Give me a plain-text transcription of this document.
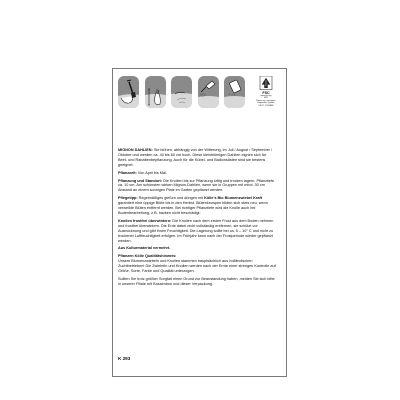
FSC
www.fsc.org
MIX
Papier aus verantwor-
tungsvollen Quellen
FSC® C120868

MIGNON DAHLIEN: Sie blühen, abhängig von der Witterung, im Juli / August / September / Oktober und werden ca. 40 bis 60 cm hoch. Diese kleinblümigen Dahlien eignen sich für Beet- und Rabattenbepflanzung. Auch für die Kübel- und Balkonkästen sind sie bestens geeignet.

Pflanzzeit: Von April bis Mai.

Pflanzung und Standort: Die Knollen bis zur Pflanzung luftig und trocken lagern. Pflanztiefe ca. 10 cm. Am schönsten wirken Mignon-Dahlien, wenn sie in Gruppen mit mind. 30 cm Abstand an einem sonnigen Platz im Garten gepflanzt werden.

Pflegetipp: Regelmäßiges gießen und düngen mit Kölle’s Bio Blumenzwiebel Kraft garantiert eine üppige Blüte bis in den Herbst. Blütenknospen bilden sich stets neu, wenn verwelkte Blüten entfernt werden. Bei richtiger Pflanztiefe wird die Knolle auch bei Bodenbearbeitung, z.B. hacken nicht beschädigt.

Knollen frostfrei überwintern: Die Knollen nach dem ersten Frost aus dem Boden nehmen und frostfrei überwintern. Die Erde dabei nicht vollständig entfernen, sie schützt vor Austrocknung und gibt ihnen Feuchtigkeit. Die Lagerung sollte bei ca. 5 – 10° C und nicht zu trockener Luftfeuchtigkeit erfolgen. Im Frühjahr kann nach der Frostperiode wieder gepflanzt werden.

Aus Kulturmaterial vermehrt.

Pflanzen Kölle Qualitätshinweis:
Unsere Blumenzwiebeln und Knollen stammen hauptsächlich aus holländischen Zuchtbetrieben! Die Zwiebeln und Knollen werden nach der Ernte einer strengen Kontrolle auf Größe, Sorte, Farbe und Qualität unterzogen.

Sollten Sie trotz größter Sorgfalt einen Grund zur Beanstandung haben, melden Sie sich bitte in unserer Filiale mit Kassenbon und dieser Verpackung.

K 293
